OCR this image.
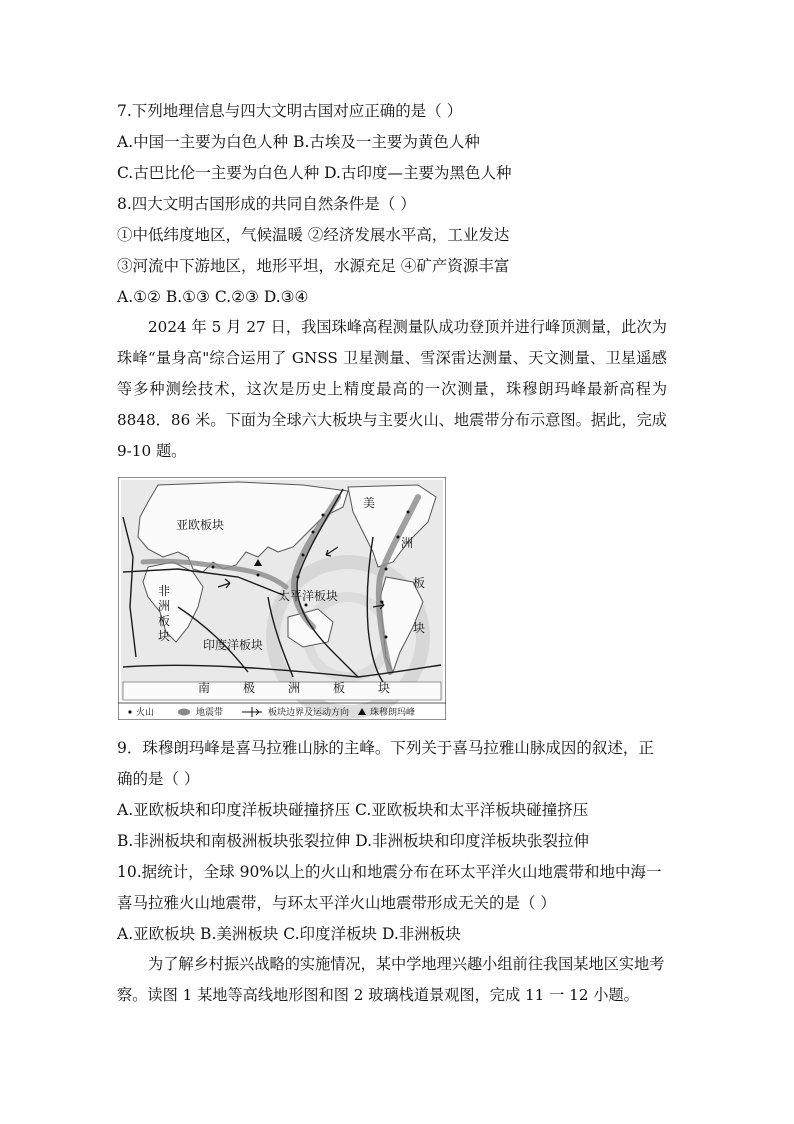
7.下列地理信息与四大文明古国对应正确的是（ ）
A.中国一主要为白色人种 B.古埃及一主要为黄色人种
C.古巴比伦一主要为白色人种 D.古印度—主要为黑色人种
8.四大文明古国形成的共同自然条件是（ ）
①中低纬度地区，气候温暖 ②经济发展水平高，工业发达
③河流中下游地区，地形平坦，水源充足 ④矿产资源丰富
A.①② B.①③ C.②③ D.③④
2024 年 5 月 27 日，我国珠峰高程测量队成功登顶并进行峰顶测量，此次为珠峰“量身高"综合运用了 GNSS 卫星测量、雪深雷达测量、天文测量、卫星遥感等多种测绘技术，这次是历史上精度最高的一次测量，珠穆朗玛峰最新高程为 8848．86 米。下面为全球六大板块与主要火山、地震带分布示意图。据此，完成 9-10 题。
亚欧板块
太平洋板块
印度洋板块
非
洲
板
块
美
洲
板
块
南	极	洲	板	块
火山	地震带	板块边界及运动方向 珠穆朗玛峰
9．珠穆朗玛峰是喜马拉雅山脉的主峰。下列关于喜马拉雅山脉成因的叙述，正
确的是（ ）
A.亚欧板块和印度洋板块碰撞挤压 C.亚欧板块和太平洋板块碰撞挤压
B.非洲板块和南极洲板块张裂拉伸 D.非洲板块和印度洋板块张裂拉伸
10.据统计，全球 90%以上的火山和地震分布在环太平洋火山地震带和地中海一
喜马拉雅火山地震带，与环太平洋火山地震带形成无关的是（ ）
A.亚欧板块 B.美洲板块 C.印度洋板块 D.非洲板块
为了解乡村振兴战略的实施情况，某中学地理兴趣小组前往我国某地区实地考察。读图 1 某地等高线地形图和图 2 玻璃栈道景观图，完成 11 一 12 小题。
